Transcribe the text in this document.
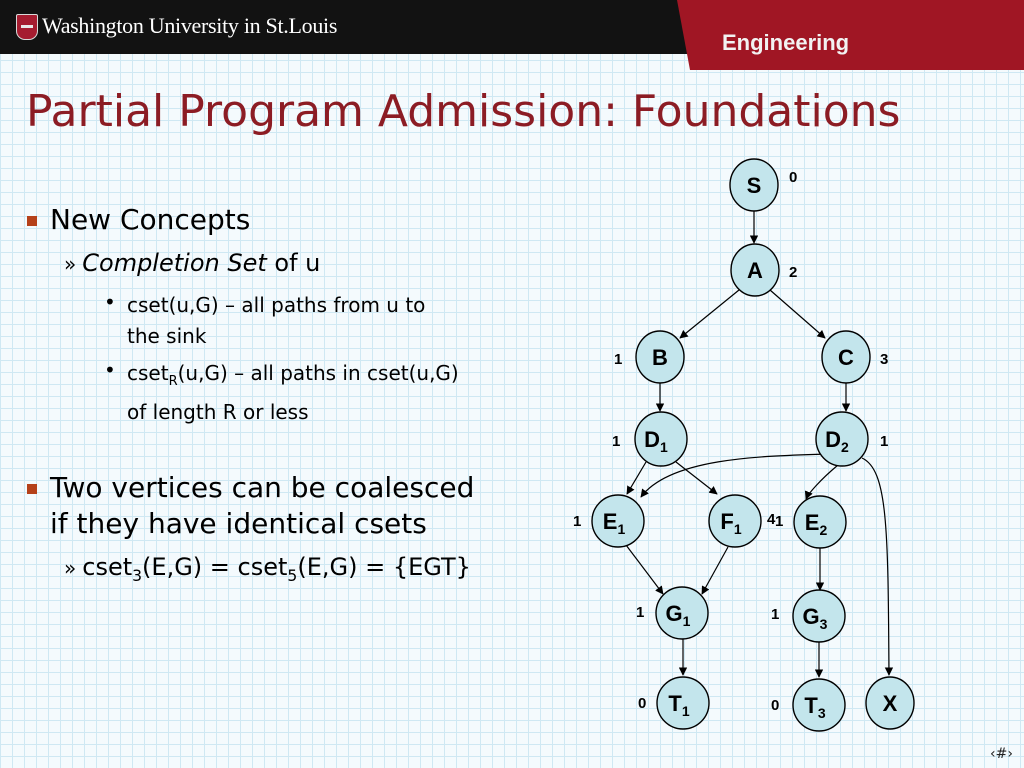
Washington University in St.Louis
Engineering
Partial Program Admission: Foundations
New Concepts
» Completion Set of u
• cset(u,G) – all paths from u to
the sink
• cset$_R$(u,G) – all paths in cset(u,G)
of length R or less
Two vertices can be coalesced
if they have identical csets
» cset$_3$(E,G) = cset$_5$(E,G) = {EGT}
S 0
A 2
B
1	C 3
$D_1$
1	$D_2$ 1
$E_1$
1	$F_1$
4 $E_2$
1
$G_1$
1	$G_3$
1
$T_1$
0	$T_3$
0	X
‹#›
